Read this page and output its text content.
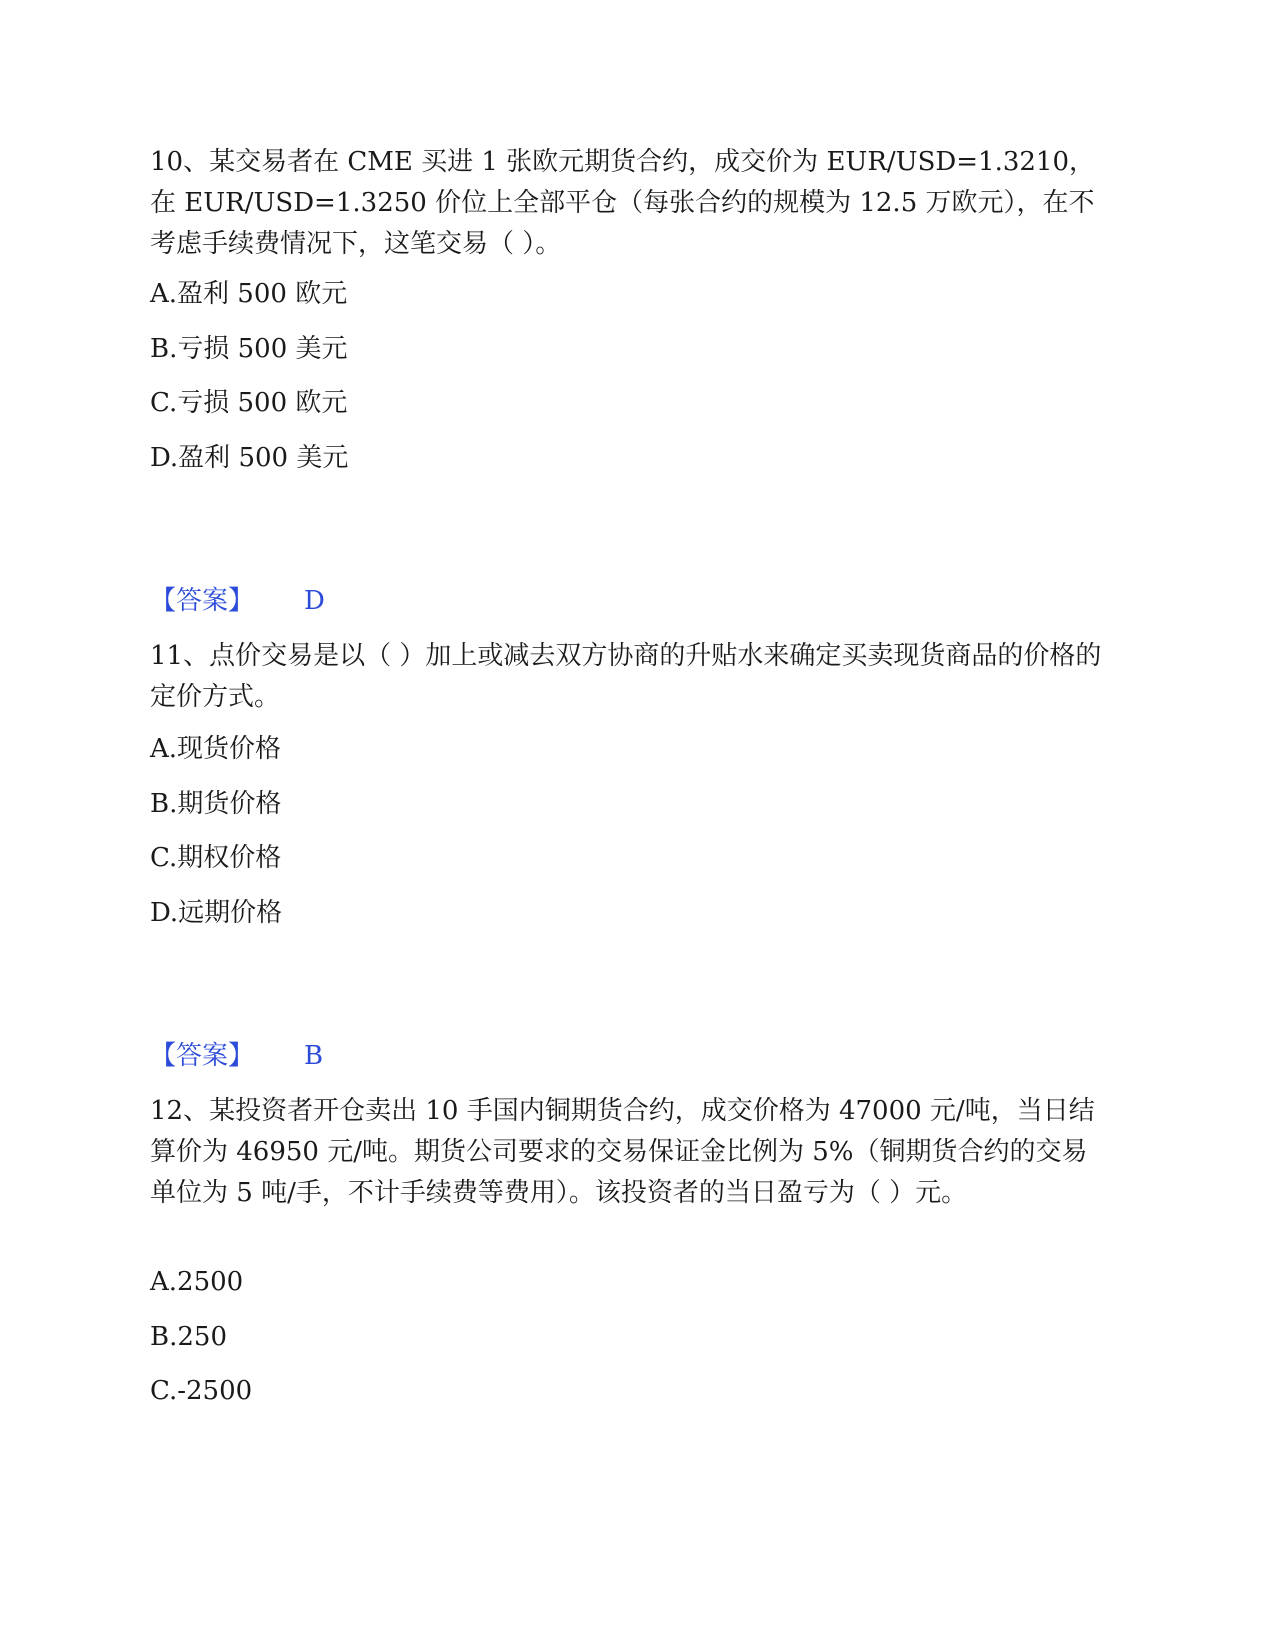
10、某交易者在 CME 买进 1 张欧元期货合约，成交价为 EUR/USD=1.3210，在 EUR/USD=1.3250 价位上全部平仓（每张合约的规模为 12.5 万欧元），在不考虑手续费情况下，这笔交易（ ）。

A.盈利 500 欧元

B.亏损 500 美元

C.亏损 500 欧元

D.盈利 500 美元

【答案】 D

11、点价交易是以（ ）加上或减去双方协商的升贴水来确定买卖现货商品的价格的定价方式。

A.现货价格

B.期货价格

C.期权价格

D.远期价格

【答案】 B

12、某投资者开仓卖出 10 手国内铜期货合约，成交价格为 47000 元/吨，当日结算价为 46950 元/吨。期货公司要求的交易保证金比例为 5%（铜期货合约的交易单位为 5 吨/手，不计手续费等费用）。该投资者的当日盈亏为（ ）元。

A.2500

B.250

C.-2500
